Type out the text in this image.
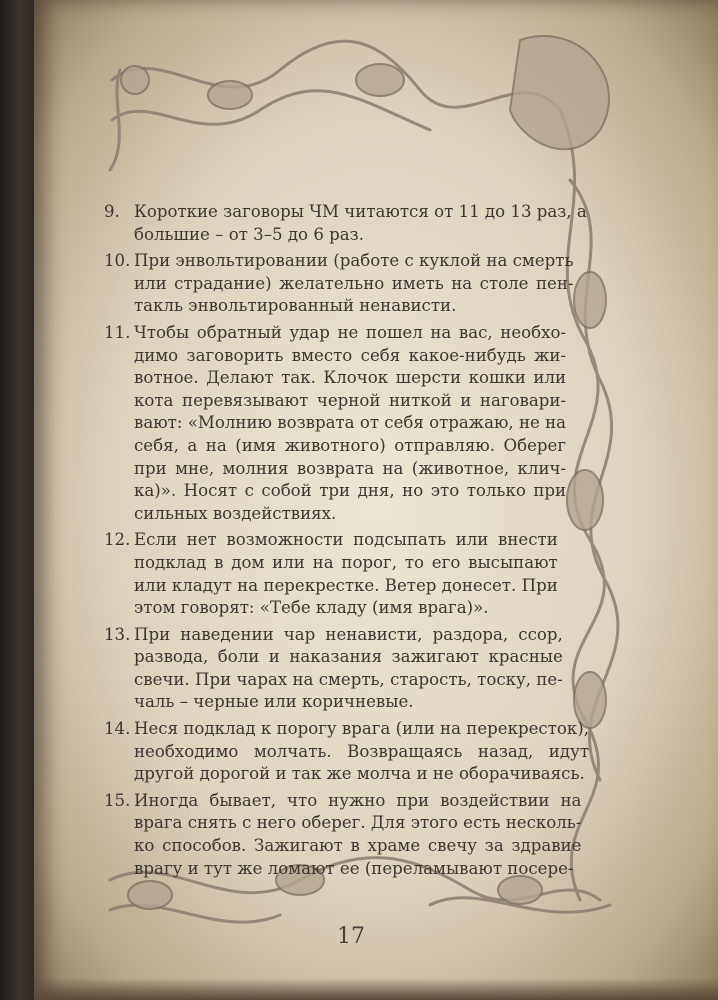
9. Короткие заговоры ЧМ читаются от 11 до 13 раз, а
большие – от 3–5 до 6 раз.
10. При энвольтировании (работе с куклой на смерть
или страдание) желательно иметь на столе пен-
такль энвольтированный ненависти.
11. Чтобы обратный удар не пошел на вас, необхо-
димо заговорить вместо себя какое-нибудь жи-
вотное. Делают так. Клочок шерсти кошки или
кота перевязывают черной ниткой и наговари-
вают: «Молнию возврата от себя отражаю, не на
себя, а на (имя животного) отправляю. Оберег
при мне, молния возврата на (животное, клич-
ка)». Носят с собой три дня, но это только при
сильных воздействиях.
12. Если нет возможности подсыпать или внести
подклад в дом или на порог, то его высыпают
или кладут на перекрестке. Ветер донесет. При
этом говорят: «Тебе кладу (имя врага)».
13. При наведении чар ненависти, раздора, ссор,
развода, боли и наказания зажигают красные
свечи. При чарах на смерть, старость, тоску, пе-
чаль – черные или коричневые.
14. Неся подклад к порогу врага (или на перекресток),
необходимо молчать. Возвращаясь назад, идут
другой дорогой и так же молча и не оборачиваясь.
15. Иногда бывает, что нужно при воздействии на
врага снять с него оберег. Для этого есть несколь-
ко способов. Зажигают в храме свечу за здравие
врагу и тут же ломают ее (переламывают посере-
17
